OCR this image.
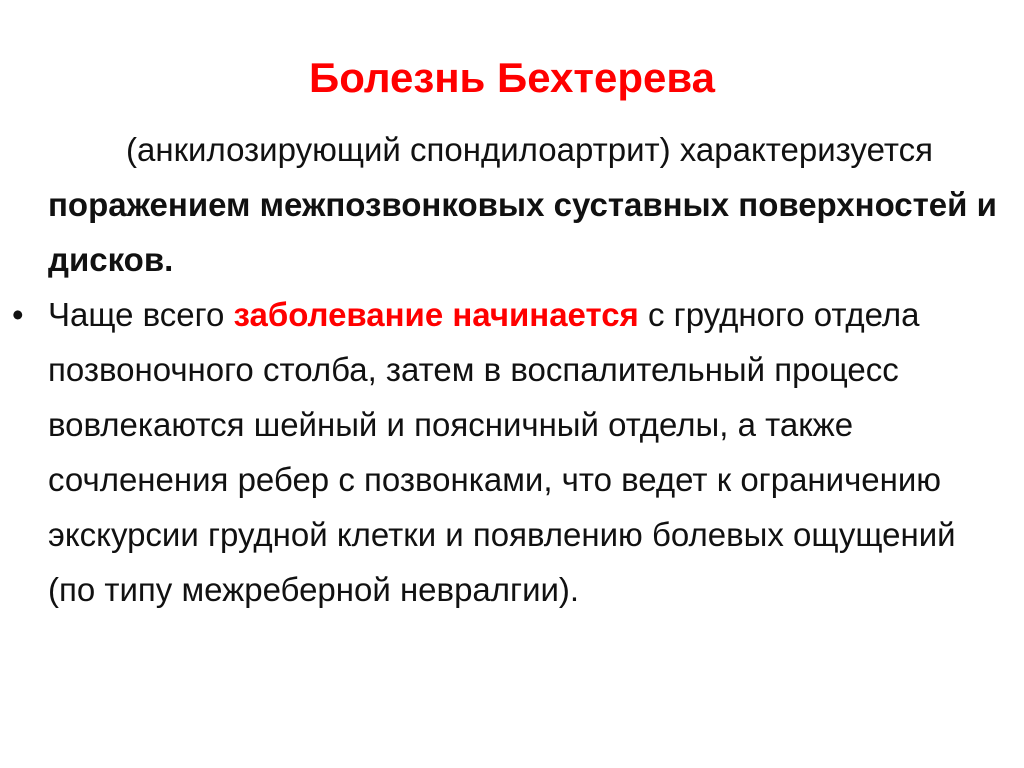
Болезнь Бехтерева

(анкилозирующий спондилоартрит) характеризуется поражением межпозвонковых суставных поверхностей и дисков.

• Чаще всего заболевание начинается с грудного отдела позвоночного столба, затем в воспалительный процесс вовлекаются шейный и поясничный отделы, а также сочленения ребер с позвонками, что ведет к ограничению экскурсии грудной клетки и появлению болевых ощущений (по типу межреберной невралгии).
